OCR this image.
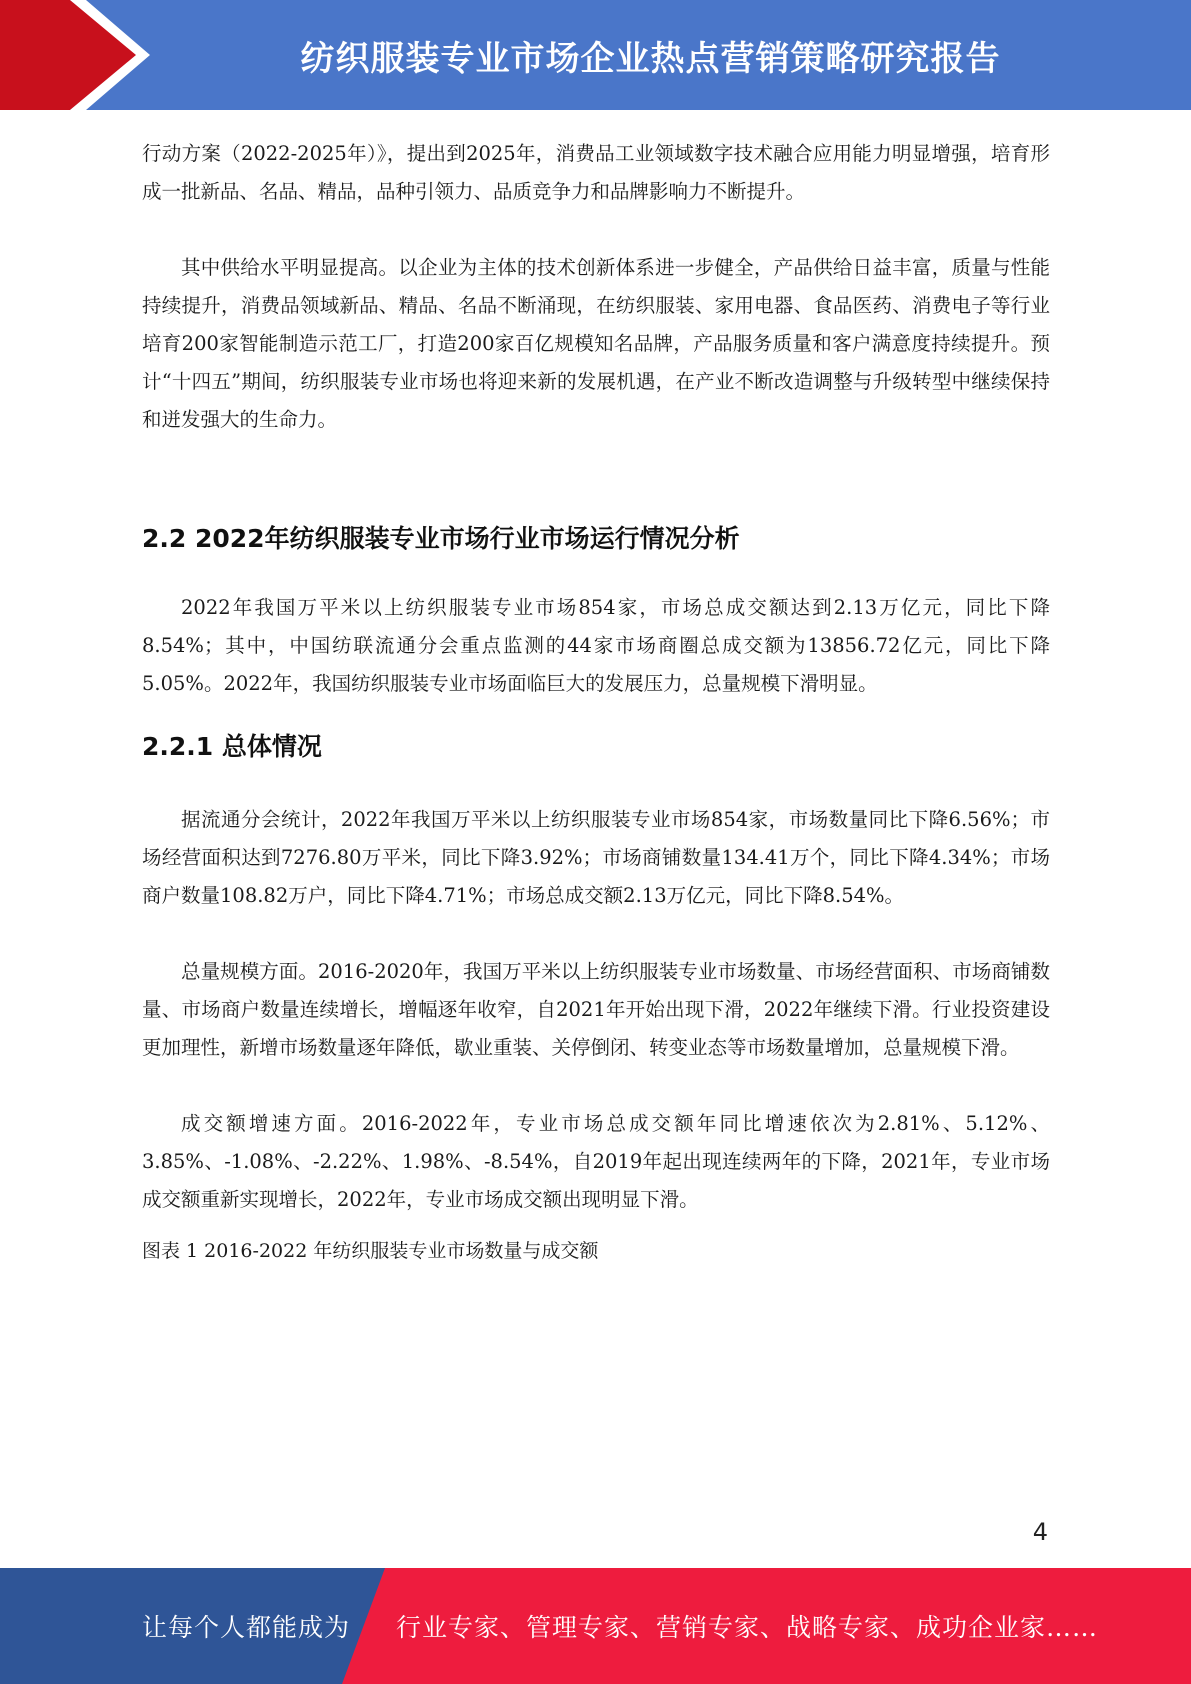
纺织服装专业市场企业热点营销策略研究报告

行动方案（2022-2025年）》，提出到2025年，消费品工业领域数字技术融合应用能力明显增强，培育形成一批新品、名品、精品，品种引领力、品质竞争力和品牌影响力不断提升。

其中供给水平明显提高。以企业为主体的技术创新体系进一步健全，产品供给日益丰富，质量与性能持续提升，消费品领域新品、精品、名品不断涌现，在纺织服装、家用电器、食品医药、消费电子等行业培育200家智能制造示范工厂，打造200家百亿规模知名品牌，产品服务质量和客户满意度持续提升。预计“十四五”期间，纺织服装专业市场也将迎来新的发展机遇，在产业不断改造调整与升级转型中继续保持和迸发强大的生命力。

2.2 2022年纺织服装专业市场行业市场运行情况分析

2022年我国万平米以上纺织服装专业市场854家，市场总成交额达到2.13万亿元，同比下降8.54%；其中，中国纺联流通分会重点监测的44家市场商圈总成交额为13856.72亿元，同比下降5.05%。2022年，我国纺织服装专业市场面临巨大的发展压力，总量规模下滑明显。

2.2.1 总体情况

据流通分会统计，2022年我国万平米以上纺织服装专业市场854家，市场数量同比下降6.56%；市场经营面积达到7276.80万平米，同比下降3.92%；市场商铺数量134.41万个，同比下降4.34%；市场商户数量108.82万户，同比下降4.71%；市场总成交额2.13万亿元，同比下降8.54%。

总量规模方面。2016-2020年，我国万平米以上纺织服装专业市场数量、市场经营面积、市场商铺数量、市场商户数量连续增长，增幅逐年收窄，自2021年开始出现下滑，2022年继续下滑。行业投资建设更加理性，新增市场数量逐年降低，歇业重装、关停倒闭、转变业态等市场数量增加，总量规模下滑。

成交额增速方面。2016-2022年，专业市场总成交额年同比增速依次为2.81%、5.12%、3.85%、-1.08%、-2.22%、1.98%、-8.54%，自2019年起出现连续两年的下降，2021年，专业市场成交额重新实现增长，2022年，专业市场成交额出现明显下滑。

图表 1 2016-2022 年纺织服装专业市场数量与成交额

4
让每个人都能成为 行业专家、管理专家、营销专家、战略专家、成功企业家……
